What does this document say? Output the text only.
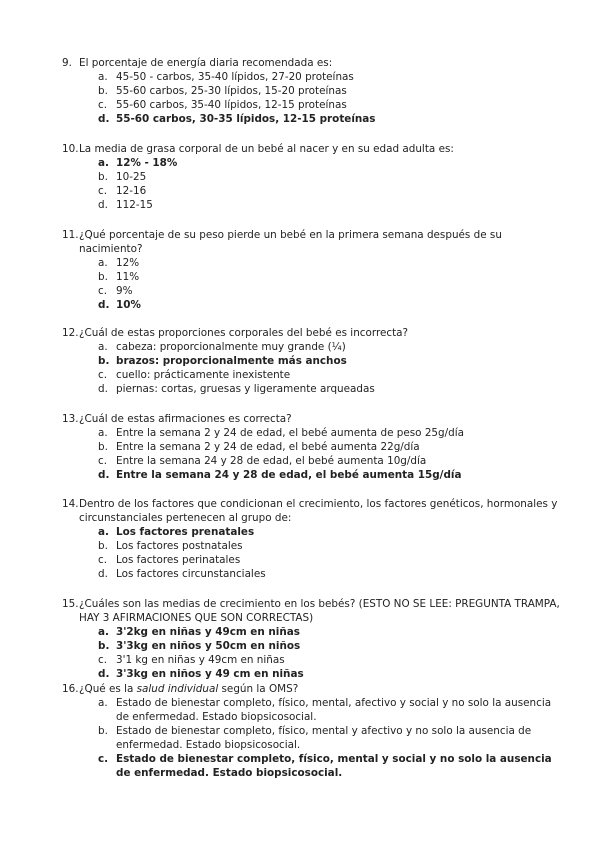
9. El porcentaje de energía diaria recomendada es:
a. 45-50 - carbos, 35-40 lípidos, 27-20 proteínas
b. 55-60 carbos, 25-30 lípidos, 15-20 proteínas
c. 55-60 carbos, 35-40 lípidos, 12-15 proteínas
d. 55-60 carbos, 30-35 lípidos, 12-15 proteínas
10. La media de grasa corporal de un bebé al nacer y en su edad adulta es:
a. 12% - 18%
b. 10-25
c. 12-16
d. 112-15
11. ¿Qué porcentaje de su peso pierde un bebé en la primera semana después de su nacimiento?
a. 12%
b. 11%
c. 9%
d. 10%
12. ¿Cuál de estas proporciones corporales del bebé es incorrecta?
a. cabeza: proporcionalmente muy grande (¼)
b. brazos: proporcionalmente más anchos
c. cuello: prácticamente inexistente
d. piernas: cortas, gruesas y ligeramente arqueadas
13. ¿Cuál de estas afirmaciones es correcta?
a. Entre la semana 2 y 24 de edad, el bebé aumenta de peso 25g/día
b. Entre la semana 2 y 24 de edad, el bebé aumenta 22g/día
c. Entre la semana 24 y 28 de edad, el bebé aumenta 10g/día
d. Entre la semana 24 y 28 de edad, el bebé aumenta 15g/día
14. Dentro de los factores que condicionan el crecimiento, los factores genéticos, hormonales y circunstanciales pertenecen al grupo de:
a. Los factores prenatales
b. Los factores postnatales
c. Los factores perinatales
d. Los factores circunstanciales
15. ¿Cuáles son las medias de crecimiento en los bebés? (ESTO NO SE LEE: PREGUNTA TRAMPA, HAY 3 AFIRMACIONES QUE SON CORRECTAS)
a. 3'2kg en niñas y 49cm en niñas
b. 3'3kg en niños y 50cm en niños
c. 3'1 kg en niñas y 49cm en niñas
d. 3'3kg en niños y 49 cm en niñas
16. ¿Qué es la salud individual según la OMS?
a. Estado de bienestar completo, físico, mental, afectivo y social y no solo la ausencia de enfermedad. Estado biopsicosocial.
b. Estado de bienestar completo, físico, mental y afectivo y no solo la ausencia de enfermedad. Estado biopsicosocial.
c. Estado de bienestar completo, físico, mental y social y no solo la ausencia de enfermedad. Estado biopsicosocial.
